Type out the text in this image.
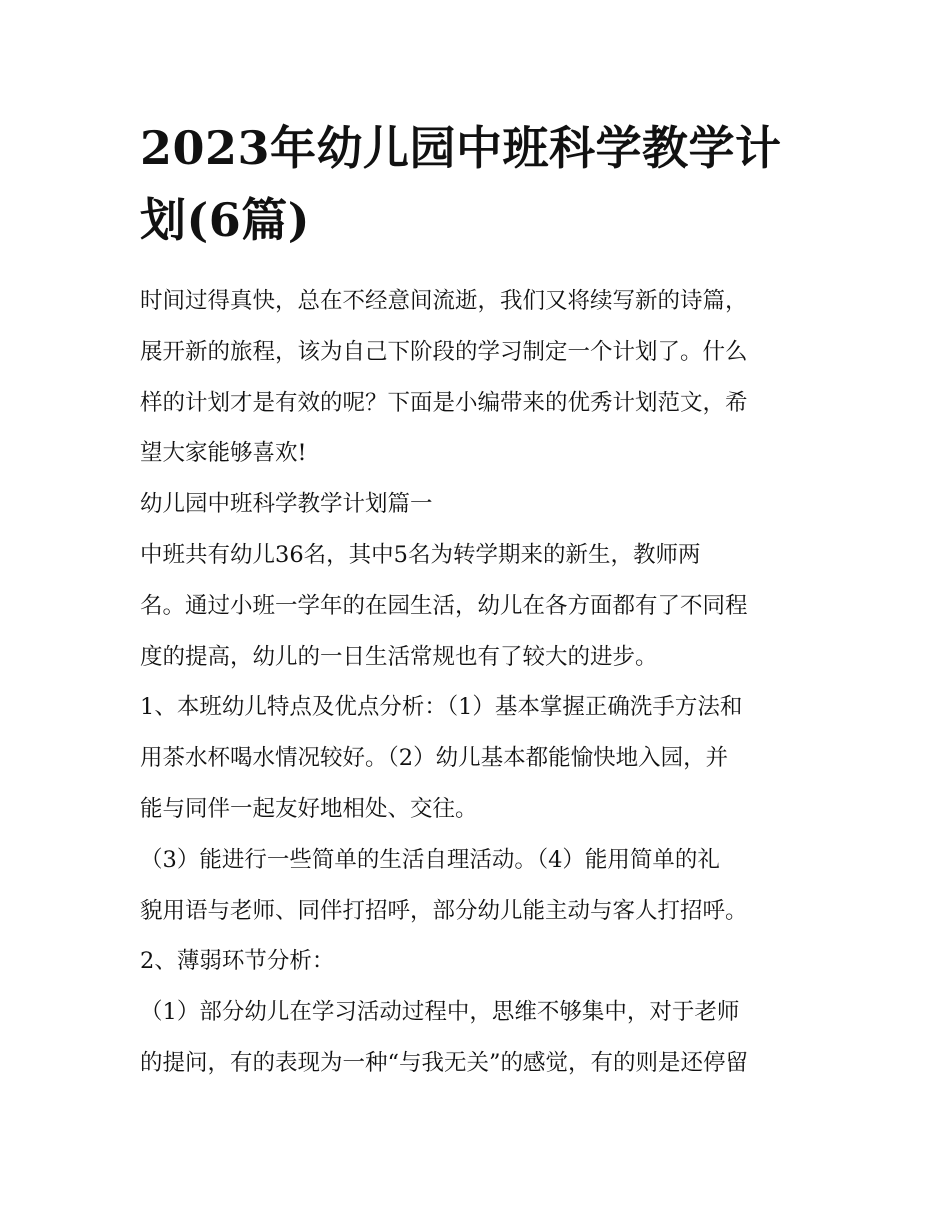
2023年幼儿园中班科学教学计
划(6篇)
时间过得真快，总在不经意间流逝，我们又将续写新的诗篇，
展开新的旅程，该为自己下阶段的学习制定一个计划了。什么
样的计划才是有效的呢？下面是小编带来的优秀计划范文，希
望大家能够喜欢!
幼儿园中班科学教学计划篇一
中班共有幼儿36名，其中5名为转学期来的新生，教师两
名。通过小班一学年的在园生活，幼儿在各方面都有了不同程
度的提高，幼儿的一日生活常规也有了较大的进步。
1、本班幼儿特点及优点分析：（1）基本掌握正确洗手方法和
用茶水杯喝水情况较好。（2）幼儿基本都能愉快地入园，并
能与同伴一起友好地相处、交往。
（3）能进行一些简单的生活自理活动。（4）能用简单的礼
貌用语与老师、同伴打招呼，部分幼儿能主动与客人打招呼。
2、薄弱环节分析：
（1）部分幼儿在学习活动过程中，思维不够集中，对于老师
的提问，有的表现为一种“与我无关”的感觉，有的则是还停留
